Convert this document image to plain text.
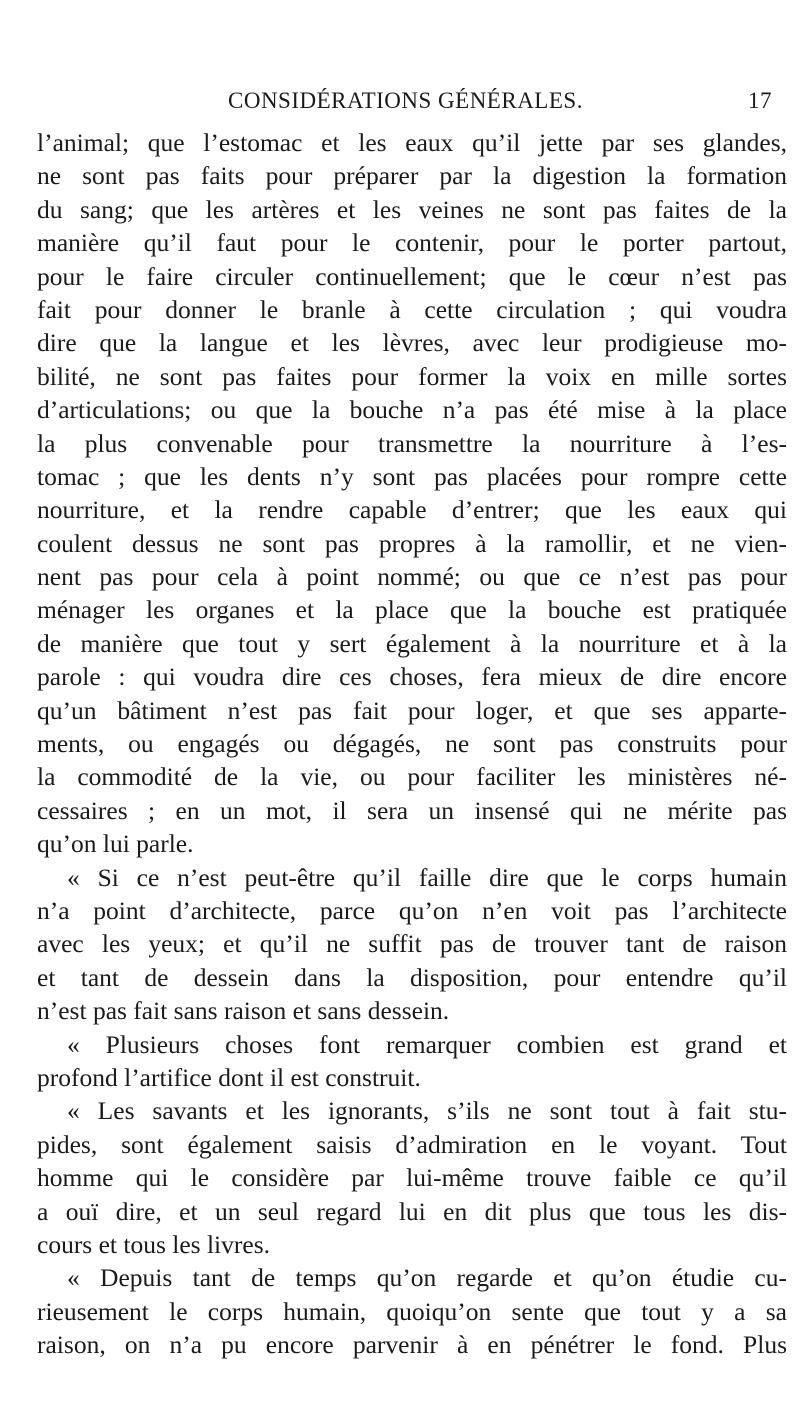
CONSIDÉRATIONS GÉNÉRALES.	17
l’animal; que l’estomac et les eaux qu’il jette par ses glandes,
ne sont pas faits pour préparer par la digestion la formation
du sang; que les artères et les veines ne sont pas faites de la
manière qu’il faut pour le contenir, pour le porter partout,
pour le faire circuler continuellement; que le cœur n’est pas
fait pour donner le branle à cette circulation ; qui voudra
dire que la langue et les lèvres, avec leur prodigieuse mo-
bilité, ne sont pas faites pour former la voix en mille sortes
d’articulations; ou que la bouche n’a pas été mise à la place
la plus convenable pour transmettre la nourriture à l’es-
tomac ; que les dents n’y sont pas placées pour rompre cette
nourriture, et la rendre capable d’entrer; que les eaux qui
coulent dessus ne sont pas propres à la ramollir, et ne vien-
nent pas pour cela à point nommé; ou que ce n’est pas pour
ménager les organes et la place que la bouche est pratiquée
de manière que tout y sert également à la nourriture et à la
parole : qui voudra dire ces choses, fera mieux de dire encore
qu’un bâtiment n’est pas fait pour loger, et que ses apparte-
ments, ou engagés ou dégagés, ne sont pas construits pour
la commodité de la vie, ou pour faciliter les ministères né-
cessaires ; en un mot, il sera un insensé qui ne mérite pas
qu’on lui parle.
« Si ce n’est peut-être qu’il faille dire que le corps humain
n’a point d’architecte, parce qu’on n’en voit pas l’architecte
avec les yeux; et qu’il ne suffit pas de trouver tant de raison
et tant de dessein dans la disposition, pour entendre qu’il
n’est pas fait sans raison et sans dessein.
« Plusieurs choses font remarquer combien est grand et
profond l’artifice dont il est construit.
« Les savants et les ignorants, s’ils ne sont tout à fait stu-
pides, sont également saisis d’admiration en le voyant. Tout
homme qui le considère par lui-même trouve faible ce qu’il
a ouï dire, et un seul regard lui en dit plus que tous les dis-
cours et tous les livres.
« Depuis tant de temps qu’on regarde et qu’on étudie cu-
rieusement le corps humain, quoiqu’on sente que tout y a sa
raison, on n’a pu encore parvenir à en pénétrer le fond. Plus
